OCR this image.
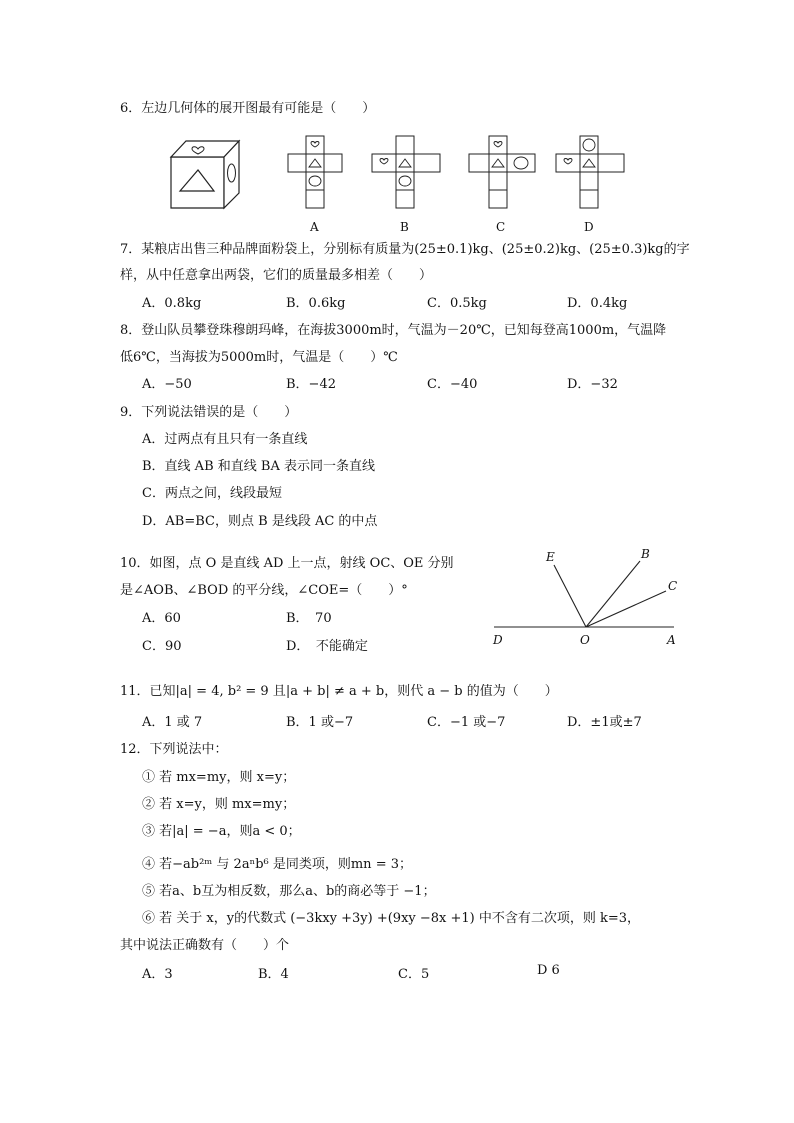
6．左边几何体的展开图最有可能是（　　）
A	B	C	D
7．某粮店出售三种品牌面粉袋上，分别标有质量为(25±0.1)kg、(25±0.2)kg、(25±0.3)kg的字
样，从中任意拿出两袋，它们的质量最多相差（　　）
A．0.8kg	B．0.6kg	C．0.5kg	D．0.4kg
8．登山队员攀登珠穆朗玛峰，在海拔3000m时，气温为－20℃，已知每登高1000m，气温降
低6℃，当海拔为5000m时，气温是（　　）℃
A．−50	B．−42	C．−40	D．−32
9．下列说法错误的是（　　）
A．过两点有且只有一条直线
B．直线 AB 和直线 BA 表示同一条直线
C．两点之间，线段最短
D．AB=BC，则点 B 是线段 AC 的中点
10．如图，点 O 是直线 AD 上一点，射线 OC、OE 分别
是∠AOB、∠BOD 的平分线，∠COE=（　　）°
A．60	B．　70
C．90	D．　不能确定
E	B
C
D	O	A
11．已知|a| = 4, b² = 9 且|a + b| ≠ a + b，则代 a − b 的值为（　　）
A．1 或 7	B．1 或−7	C．−1 或−7	D．±1或±7
12．下列说法中：
① 若 mx=my，则 x=y；
② 若 x=y，则 mx=my；
③ 若|a| = −a，则a < 0；
④ 若−ab²ᵐ 与 2aⁿb⁶ 是同类项，则mn = 3；
⑤ 若a、b互为相反数，那么a、b的商必等于 −1；
⑥ 若 关于 x，y的代数式 (−3kxy +3y) +(9xy −8x +1) 中不含有二次项，则 k=3，
其中说法正确数有（　　）个
A．3	B．4	C．5	D 6
